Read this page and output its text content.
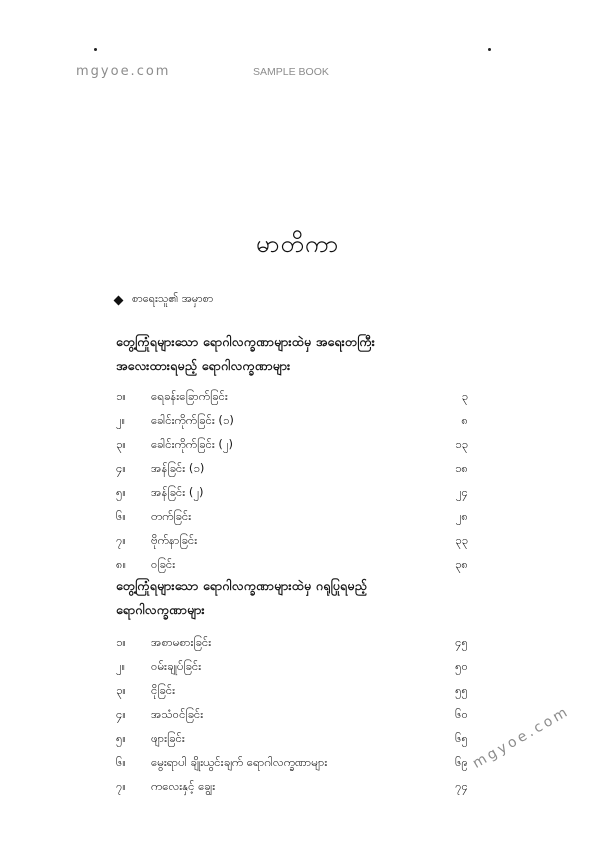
mgyoe.com	SAMPLE BOOK
မာတိကာ
စာရေးသူ၏ အမှာစာ
တွေ့ကြုံရများသော ရောဂါလက္ခဏာများထဲမှ အရေးတကြီး
အလေးထားရမည့် ရောဂါလက္ခဏာများ
၁။	ရေခန်းခြောက်ခြင်း	၃
၂။	ခေါင်းကိုက်ခြင်း (၁)	၈
၃။	ခေါင်းကိုက်ခြင်း (၂)	၁၃
၄။	အန်ခြင်း (၁)	၁၈
၅။	အန်ခြင်း (၂)	၂၄
၆။	တက်ခြင်း	၂၈
၇။	ဗိုက်နာခြင်း	၃၃
၈။	ဝခြင်း	၃၈
တွေ့ကြုံရများသော ရောဂါလက္ခဏာများထဲမှ ဂရုပြုရမည့်
ရောဂါလက္ခဏာများ
၁။	အစာမစားခြင်း	၄၅
၂။	ဝမ်းချုပ်ခြင်း	၅၀
၃။	ငိုခြင်း	၅၅
၄။	အသံဝင်ခြင်း	၆၀
၅။	ဖျားခြင်း	၆၅
၆။	မွေးရာပါ ချိုးယွင်းချက် ရောဂါလက္ခဏာများ	၆၉
၇။	ကလေးနှင့် ချွေး	၇၄
mgyoe.com
